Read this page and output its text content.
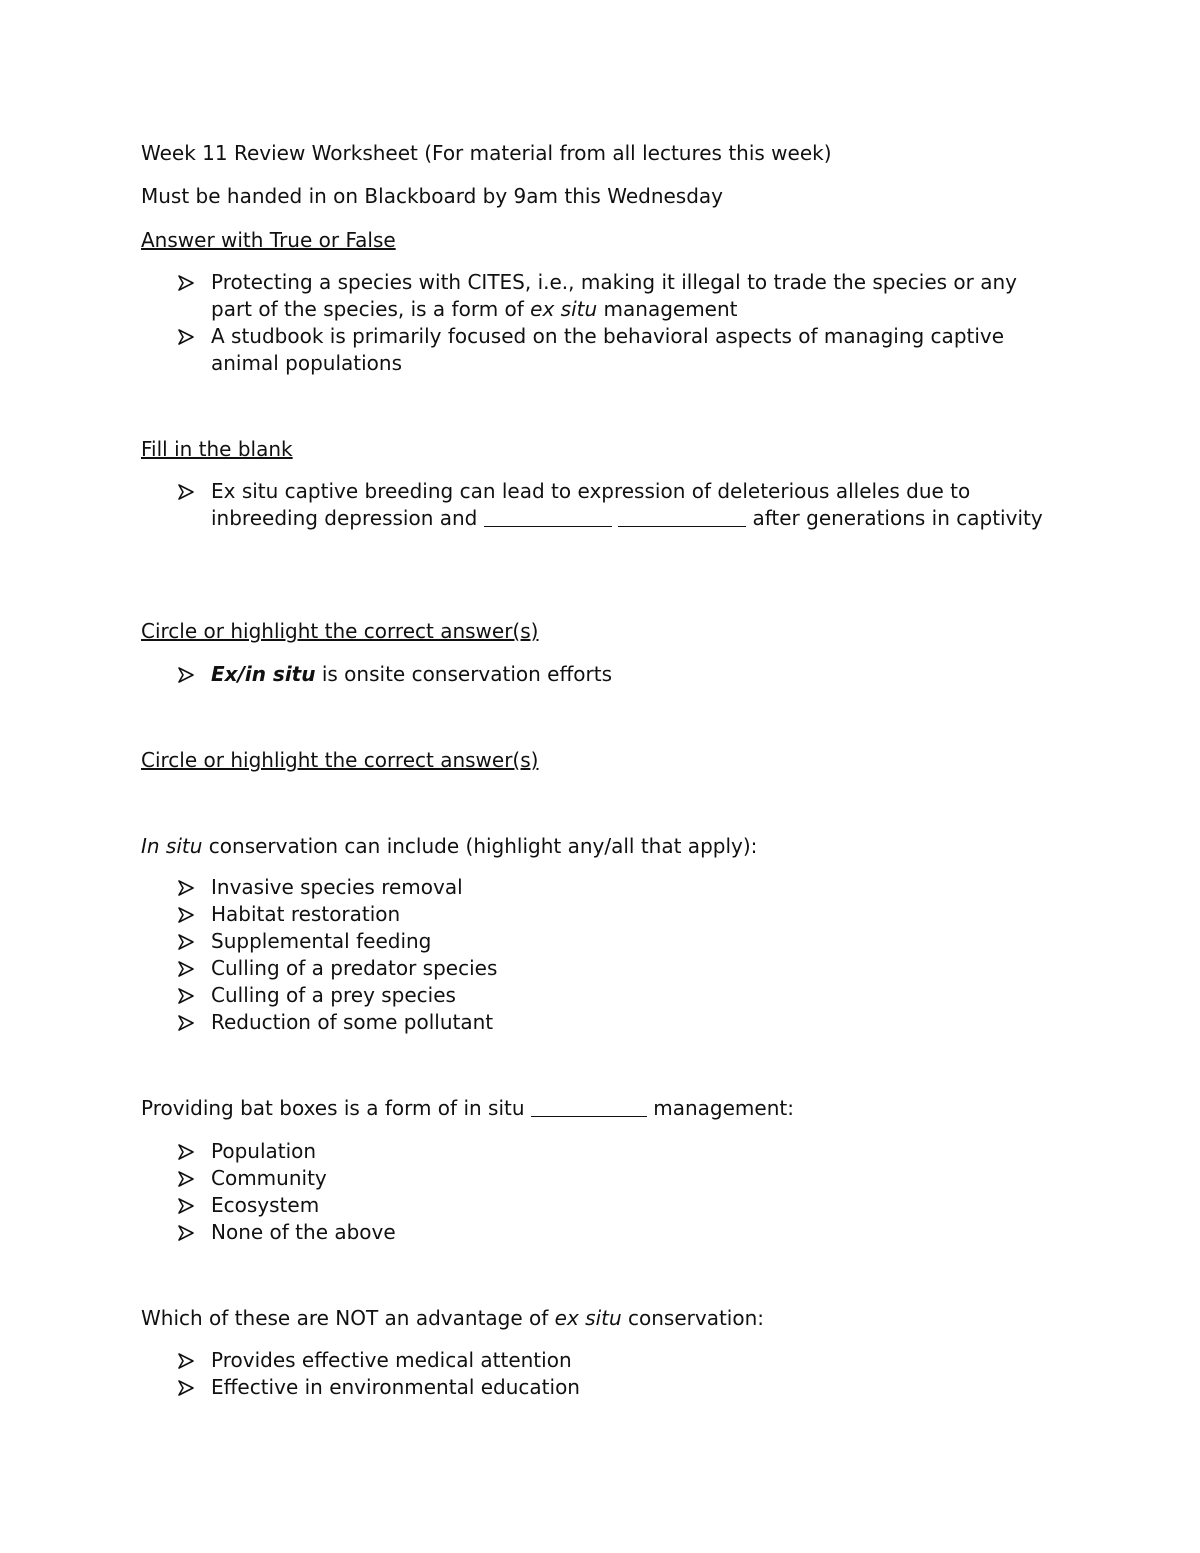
Week 11 Review Worksheet (For material from all lectures this week)

Must be handed in on Blackboard by 9am this Wednesday

Answer with True or False

Protecting a species with CITES, i.e., making it illegal to trade the species or any part of the species, is a form of ex situ management
A studbook is primarily focused on the behavioral aspects of managing captive animal populations

Fill in the blank

Ex situ captive breeding can lead to expression of deleterious alleles due to inbreeding depression and	after generations in captivity

Circle or highlight the correct answer(s)

Ex/in situ is onsite conservation efforts

Circle or highlight the correct answer(s)

In situ conservation can include (highlight any/all that apply):

Invasive species removal
Habitat restoration
Supplemental feeding
Culling of a predator species
Culling of a prey species
Reduction of some pollutant

Providing bat boxes is a form of in situ	management:

Population
Community
Ecosystem
None of the above

Which of these are NOT an advantage of ex situ conservation:

Provides effective medical attention
Effective in environmental education
